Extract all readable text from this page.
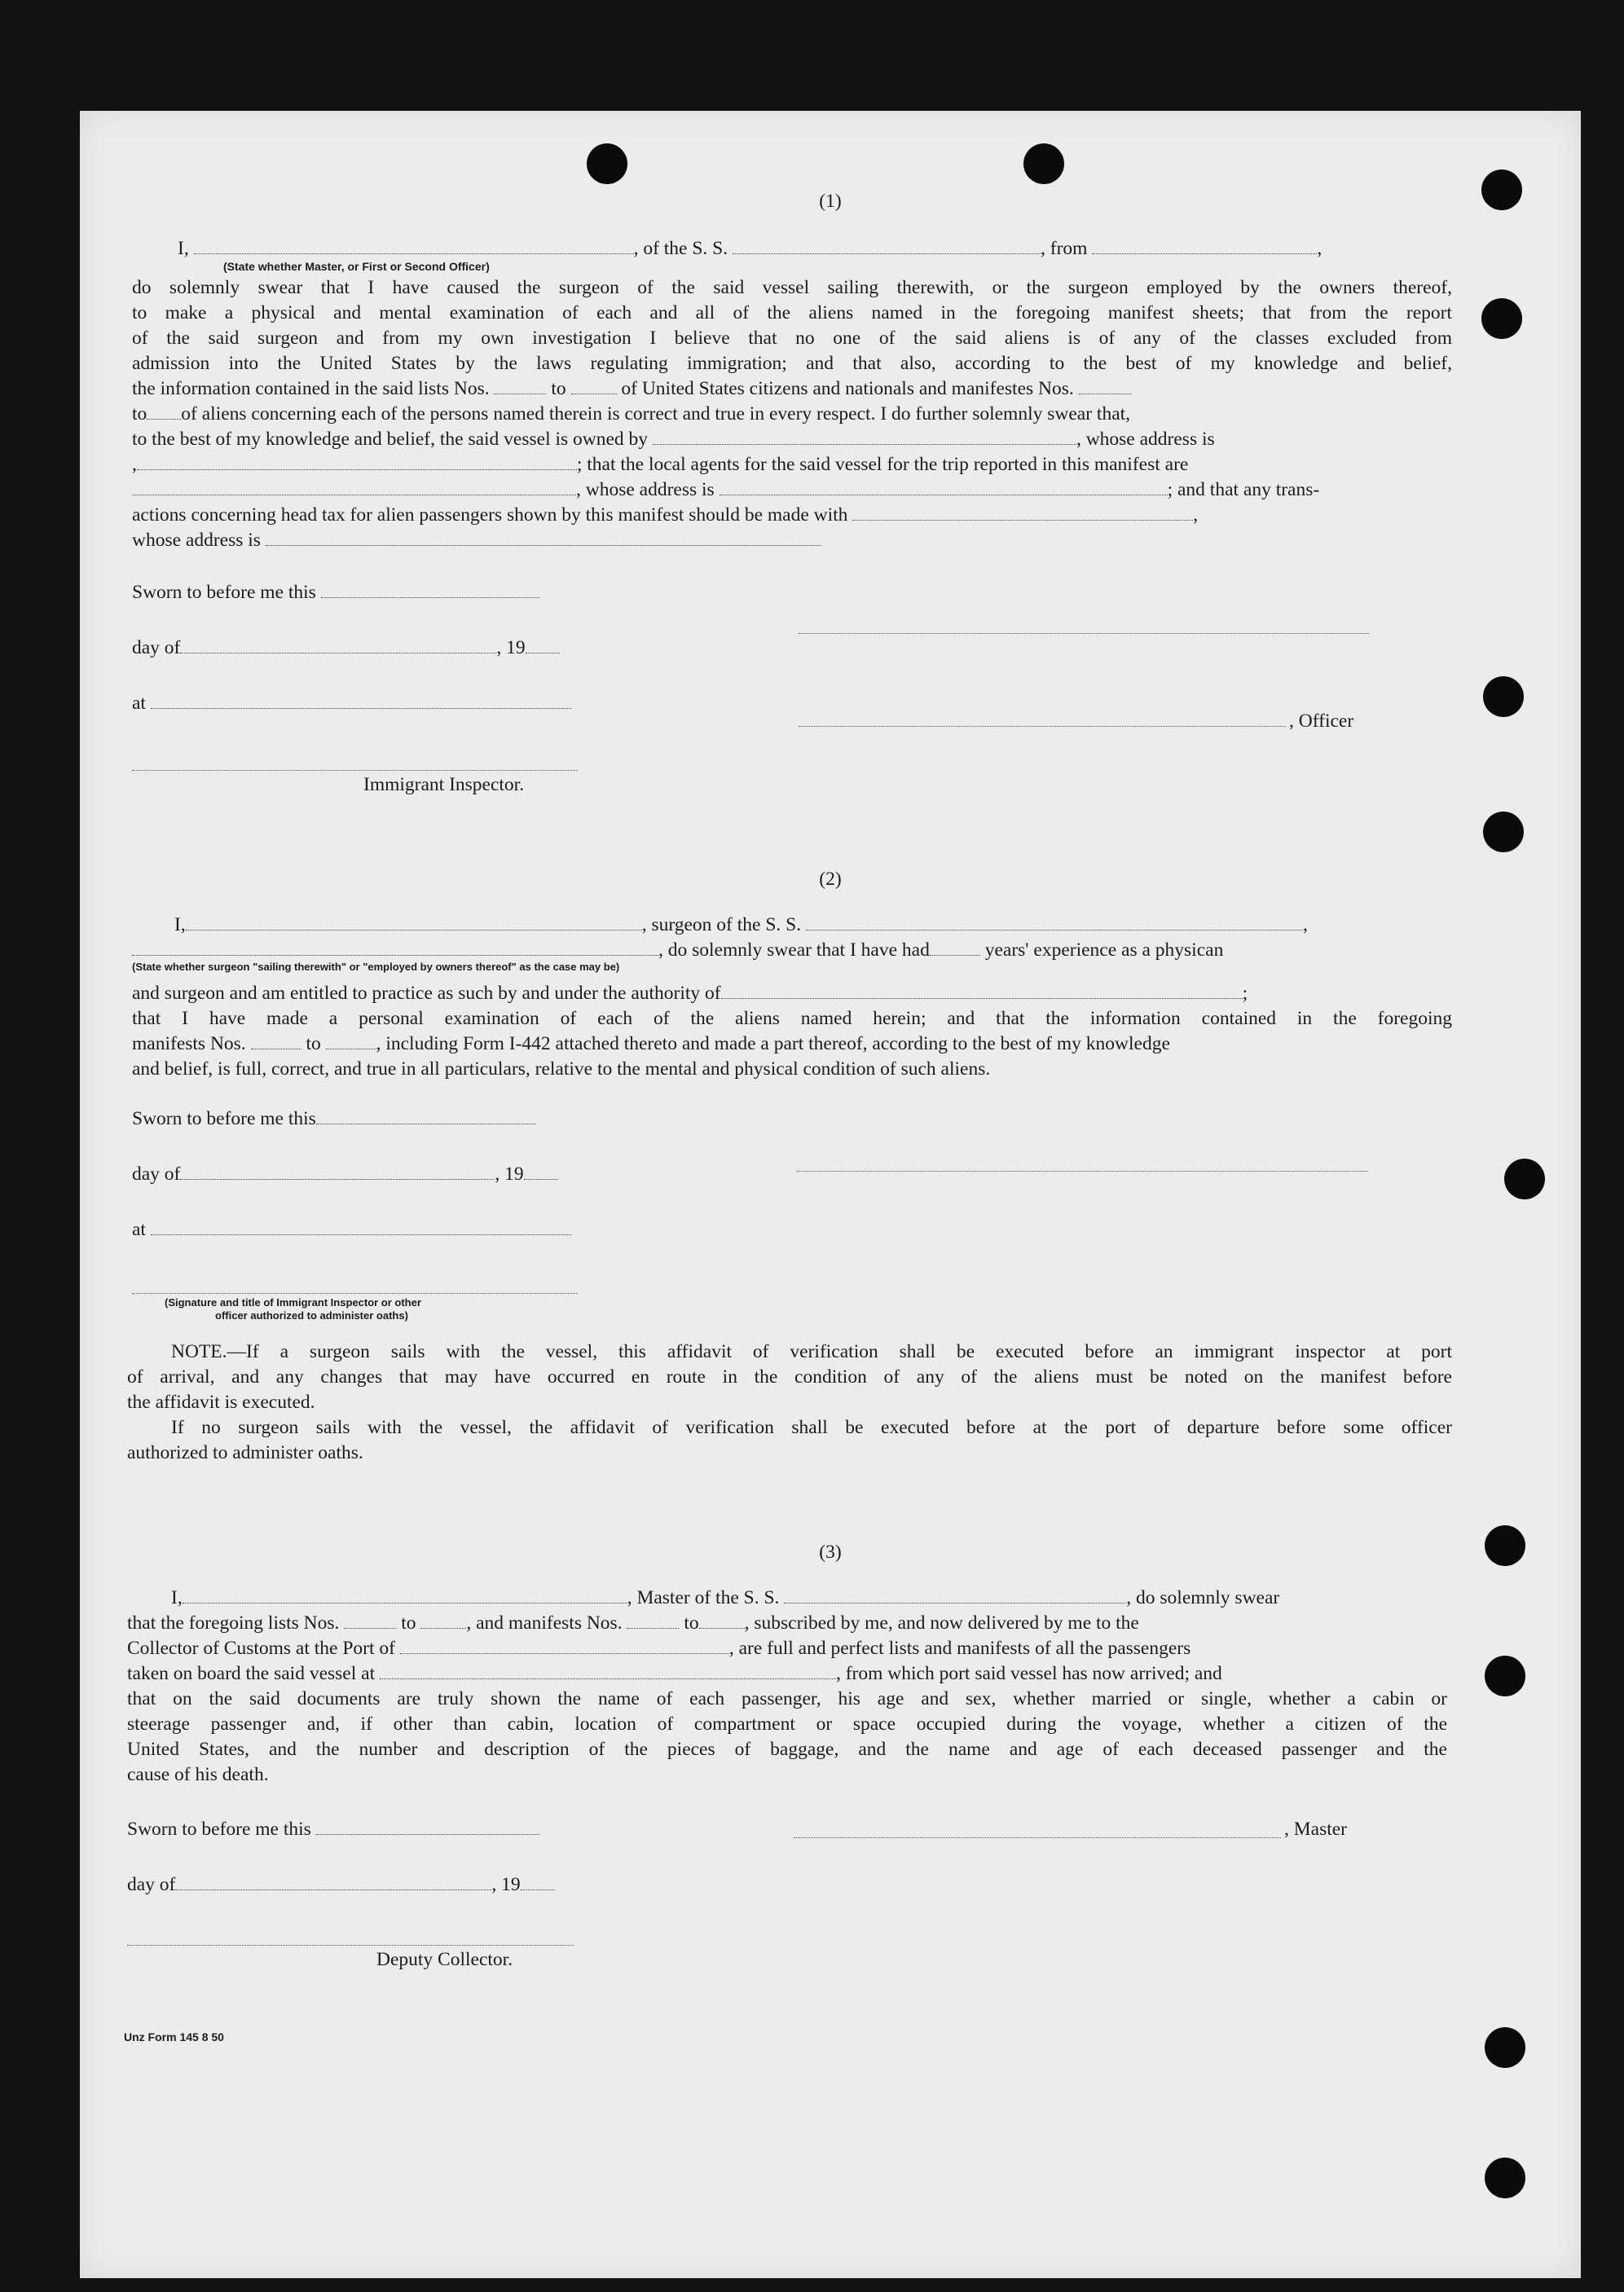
(1)
I,	, of the S. S.	, from	,
(State whether Master, or First or Second Officer)
do solemnly swear that I have caused the surgeon of the said vessel sailing therewith, or the surgeon employed by the owners thereof,
to make a physical and mental examination of each and all of the aliens named in the foregoing manifest sheets; that from the report
of the said surgeon and from my own investigation I believe that no one of the said aliens is of any of the classes excluded from
admission into the United States by the laws regulating immigration; and that also, according to the best of my knowledge and belief,
the information contained in the said lists Nos.	to	of United States citizens and nationals and manifestes Nos.
to of aliens concerning each of the persons named therein is correct and true in every respect. I do further solemnly swear that,
to the best of my knowledge and belief, the said vessel is owned by	, whose address is
,	; that the local agents for the said vessel for the trip reported in this manifest are
, whose address is	; and that any trans-
actions concerning head tax for alien passengers shown by this manifest should be made with	,
whose address is
Sworn to before me this
day of	, 19
at
, Officer
Immigrant Inspector.
(2)
I,	, surgeon of the S. S.	,
, do solemnly swear that I have had	years' experience as a physican
(State whether surgeon "sailing therewith" or "employed by owners thereof" as the case may be)
and surgeon and am entitled to practice as such by and under the authority of	;
that I have made a personal examination of each of the aliens named herein; and that the information contained in the foregoing
manifests Nos.	to	, including Form I-442 attached thereto and made a part thereof, according to the best of my knowledge
and belief, is full, correct, and true in all particulars, relative to the mental and physical condition of such aliens.
Sworn to before me this
day of	, 19
at
(Signature and title of Immigrant Inspector or other
officer authorized to administer oaths)
NOTE.—If a surgeon sails with the vessel, this affidavit of verification shall be executed before an immigrant inspector at port
of arrival, and any changes that may have occurred en route in the condition of any of the aliens must be noted on the manifest before
the affidavit is executed.
If no surgeon sails with the vessel, the affidavit of verification shall be executed before at the port of departure before some officer
authorized to administer oaths.
(3)
I,	, Master of the S. S.	, do solemnly swear
that the foregoing lists Nos.	to	, and manifests Nos.	to , subscribed by me, and now delivered by me to the
Collector of Customs at the Port of	, are full and perfect lists and manifests of all the passengers
taken on board the said vessel at	, from which port said vessel has now arrived; and
that on the said documents are truly shown the name of each passenger, his age and sex, whether married or single, whether a cabin or
steerage passenger and, if other than cabin, location of compartment or space occupied during the voyage, whether a citizen of the
United States, and the number and description of the pieces of baggage, and the name and age of each deceased passenger and the
cause of his death.
Sworn to before me this	, Master
day of	, 19
Deputy Collector.
Unz Form 145 8 50
